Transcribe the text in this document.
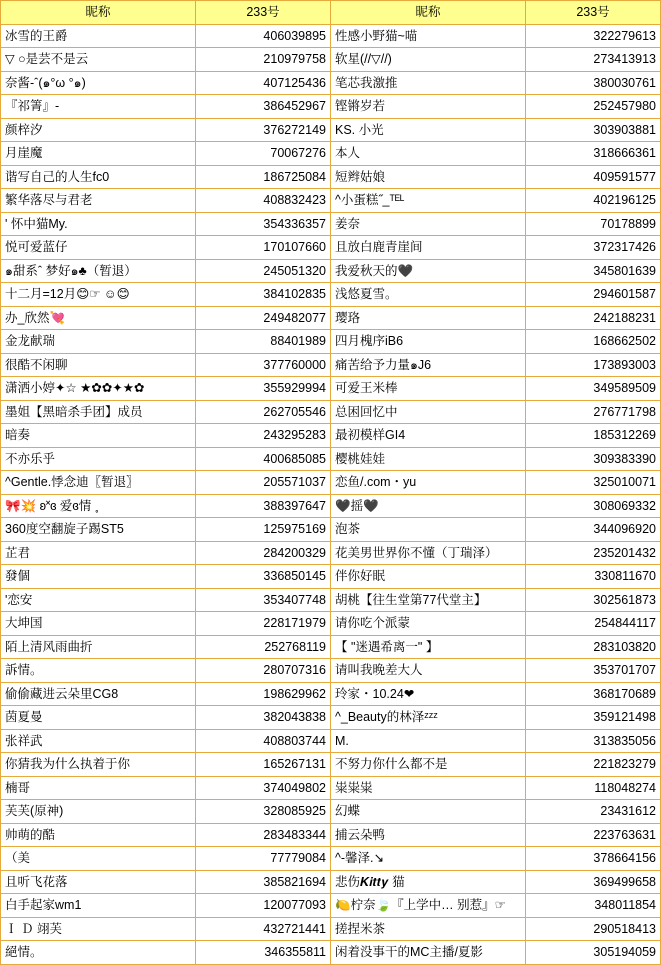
昵称	233号	昵称	233号
冰雪的王爵	406039895	性感小野猫~喵	322279613
▽ ○是芸不是云	210979758	软星(//▽//)	273413913
奈酱-ˆ(๑°ω °๑)	407125436	笔芯我激推	380030761
『祁箐』-	386452967	铿锵岁若	252457980
颜梓汐	376272149	KS. 小光	303903881
月崖魔	70067276	本人	318666361
谐写自己的人生fc0	186725084	短辫姑娘	409591577
繁华落尽与君老	408832423	^小蛋糕˝_ᵀᴱᴸ	402196125
' 怀中猫My.	354336357	姜奈	70178899
悦可爱蓝仔	170107660	且放白鹿青崖间	372317426
๑甜系ˆ 梦好๑♣（暂退）	245051320	我爱秋天的🖤	345801639
十二月=12月😊☞ ☺😊	384102835	浅悠夏雪。	294601587
办_欣然💘	249482077	璎珞	242188231
金龙献瑞	88401989	四月槐序iB6	168662502
很酷不闲聊	377760000	痛苦给予力量๑J6	173893003
潇洒小婷✦☆ ★✿✿✦★✿	355929994	可爱王米棒	349589509
墨姐【黑暗杀手团】成员	262705546	总困回忆中	276771798
暗奏	243295283	最初模样GI4	185312269
不亦乐乎	400685085	樱桃娃娃	309383390
^Gentle.悸念迪〖暂退〗	205571037	恋鱼/.com・yu	325010071
🎀💥 ʚ˟ɞ 爱ɞ情 ˳	388397647	🖤摇🖤	308069332
360度空翻旋子踢ST5	125975169	泡茶	344096920
芷君	284200329	花美男世界你不懂（丁瑞泽）	235201432
發個	336850145	伴你好眠	330811670
'恋安	353407748	胡桃【往生堂第77代堂主】	302561873
大坤国	228171979	请你吃个派蒙	254844117
陌上清风雨曲折	252768119	【 "迷遇希离一" 】	283103820
訴情。	280707316	请叫我晚差大人	353701707
偷偷藏进云朵里CG8	198629962	玲家・10.24❤	368170689
茵夏曼	382043838	^_Beauty的林泽ᶻᶻᶻ	359121498
张祥武	408803744	M.	313835056
你猜我为什么执着于你	165267131	不努力你什么都不是	221823279
楠哥	374049802	粜粜粜	118048274
芙芙(原神)	328085925	幻蝶	23431612
帅萌的酷	283483344	捕云朵鸭	223763631
（美	77779084	^-馨泽.↘	378664156
且听飞花落	385821694	悲伤𝑲𝒊𝒕𝒕𝒚 猫	369499658
白手起家wm1	120077093	🍋柠奈🍃『上学中… 别惹』☞	348011854
Ｉ Ｄ 翊芙	432721441	搓捏米茶	290518413
絕情。	346355811	闲着没事干的MC主播/夏影	305194059
